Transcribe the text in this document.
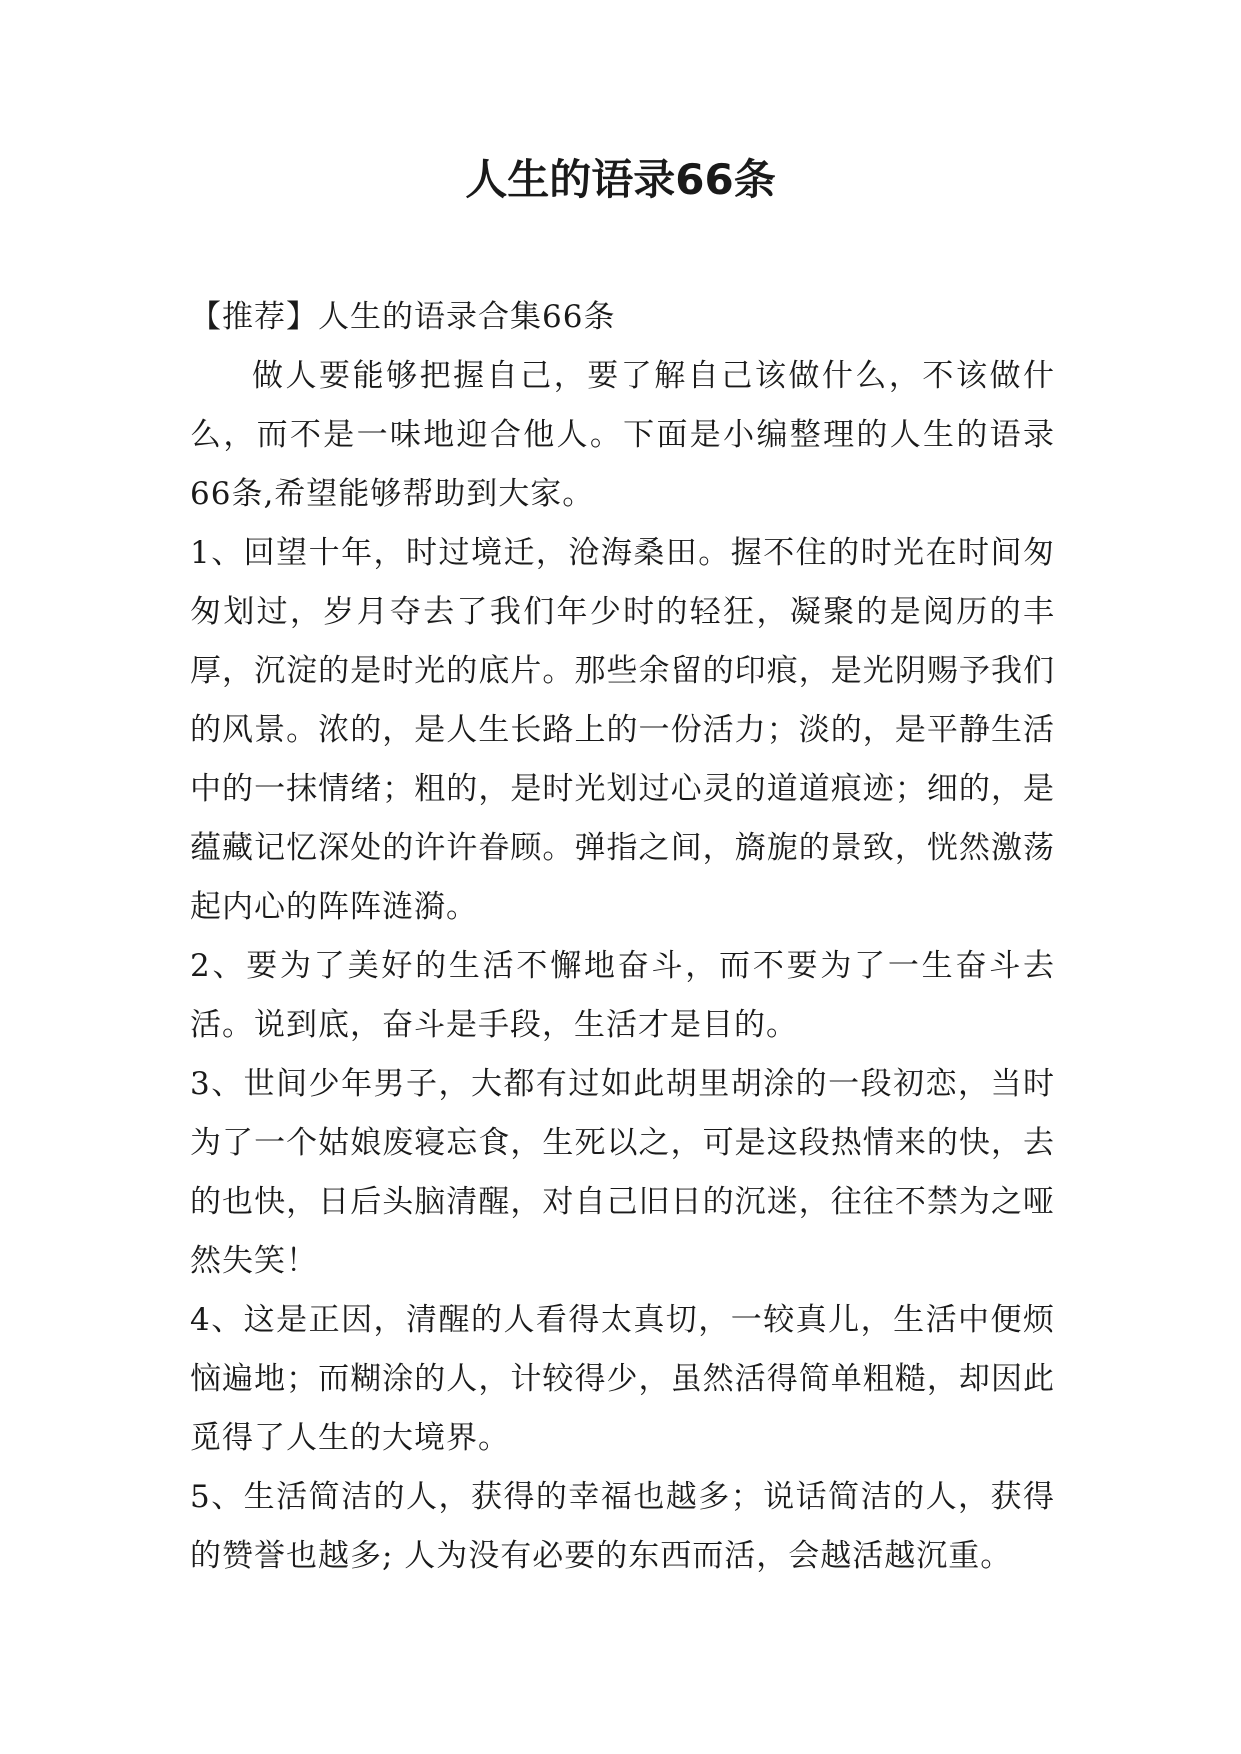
人生的语录66条

【推荐】人生的语录合集66条

做人要能够把握自己，要了解自己该做什么，不该做什么，而不是一味地迎合他人。下面是小编整理的人生的语录66条,希望能够帮助到大家。

1、回望十年，时过境迁，沧海桑田。握不住的时光在时间匆匆划过，岁月夺去了我们年少时的轻狂，凝聚的是阅历的丰厚，沉淀的是时光的底片。那些余留的印痕，是光阴赐予我们的风景。浓的，是人生长路上的一份活力；淡的，是平静生活中的一抹情绪；粗的，是时光划过心灵的道道痕迹；细的，是蕴藏记忆深处的许许眷顾。弹指之间，旖旎的景致，恍然激荡起内心的阵阵涟漪。

2、要为了美好的生活不懈地奋斗，而不要为了一生奋斗去活。说到底，奋斗是手段，生活才是目的。

3、世间少年男子，大都有过如此胡里胡涂的一段初恋，当时为了一个姑娘废寝忘食，生死以之，可是这段热情来的快，去的也快，日后头脑清醒，对自己旧日的沉迷，往往不禁为之哑然失笑！

4、这是正因，清醒的人看得太真切，一较真儿，生活中便烦恼遍地；而糊涂的人，计较得少，虽然活得简单粗糙，却因此觅得了人生的大境界。

5、生活简洁的人，获得的幸福也越多；说话简洁的人，获得的赞誉也越多; 人为没有必要的东西而活，会越活越沉重。
